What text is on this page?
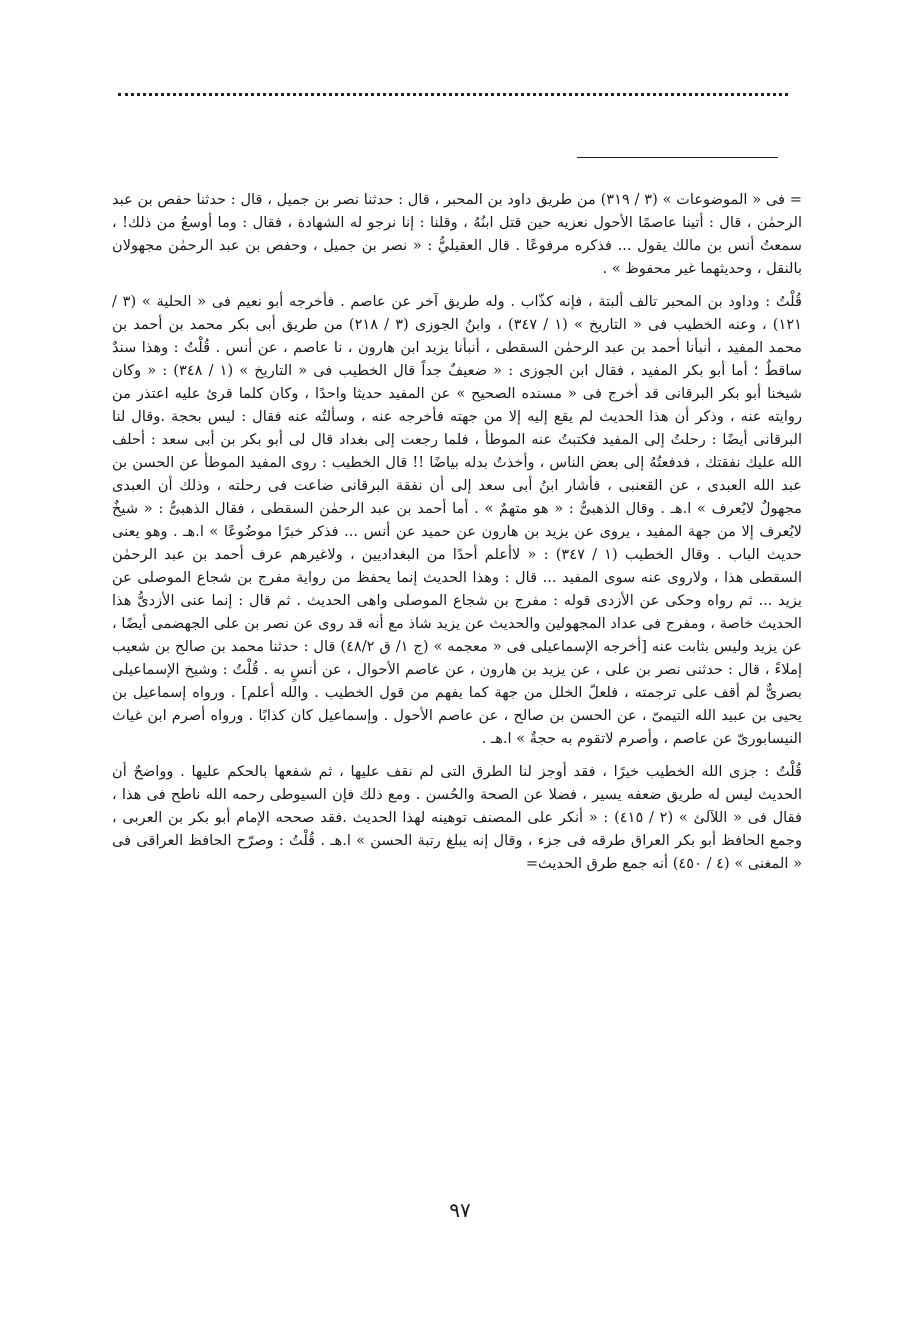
= فى « الموضوعات » (٣ / ٣١٩) من طريق داود بن المحبر ، قال : حدثنا نصر بن جميل ، قال : حدثنا حفص بن عبد الرحمٰن ، قال : أتينا عاصمًا الأحول نعزيه حين قتل ابنُهُ ، وقلنا : إنا نرجو له الشهادة ، فقال : وما أوسعُ من ذلك! ، سمعتُ أنس بن مالك يقول ... فذكره مرفوعًا . قال العقيليُّ : « نصر بن جميل ، وحفص بن عبد الرحمٰن مجهولان بالنقل ، وحديثهما غير محفوظ » .

قُلْتُ : وداود بن المحبر تالف ألبتة ، فإنه كذّاب . وله طريق آخر عن عاصم . فأخرجه أبو نعيم فى « الحلية » (٣ / ١٢١) ، وعنه الخطيب فى « التاريخ » (١ / ٣٤٧) ، وابنُ الجوزى (٣ / ٢١٨) من طريق أبى بكر محمد بن أحمد بن محمد المفيد ، أنبأنا أحمد بن عبد الرحمٰن السقطى ، أنبأنا يزيد ابن هارون ، نا عاصم ، عن أنس . قُلْتُ : وهذا سندٌ ساقطٌ ؛ أما أبو بكر المفيد ، فقال ابن الجوزى : « ضعيفٌ جداً قال الخطيب فى « التاريخ » (١ / ٣٤٨) : « وكان شيخنا أبو بكر البرقانى قد أخرج فى « مسنده الصحيح » عن المفيد حديثا واحدًا ، وكان كلما قرئ عليه اعتذر من روايته عنه ، وذكر أن هذا الحديث لم يقع إليه إلا من جهته فأخرجه عنه ، وسألتُه عنه فقال : ليس بحجة .وقال لنا البرقانى أيضًا : رحلتُ إلى المفيد فكتبتُ عنه الموطأ ، فلما رجعت إلى بغداد قال لى أبو بكر بن أبى سعد : أحلف الله عليك نفقتك ، فدفعتُهُ إلى بعض الناس ، وأخذتُ بدله بياضًا !! قال الخطيب : روى المفيد الموطأ عن الحسن بن عبد الله العبدى ، عن القعنبى ، فأشار ابنُ أبى سعد إلى أن نفقة البرقانى ضاعت فى رحلته ، وذلك أن العبدى مجهولٌ لايُعرف » ا.هـ . وقال الذهبىُّ : « هو متهمٌ » . أما أحمد بن عبد الرحمٰن السقطى ، فقال الذهبىُّ : « شيخٌ لايُعرف إلا من جهة المفيد ، يروى عن يزيد بن هارون عن حميد عن أنس ... فذكر خبرًا موضُوعًا » ا.هـ . وهو يعنى حديث الباب . وقال الخطيب (١ / ٣٤٧) : « لاأعلم أحدًا من البغداديين ، ولاغيرهم عرف أحمد بن عبد الرحمٰن السقطى هذا ، ولاروى عنه سوى المفيد ... قال : وهذا الحديث إنما يحفظ من رواية مفرج بن شجاع الموصلى عن يزيد ... ثم رواه وحكى عن الأزدى قوله : مفرج بن شجاع الموصلى واهى الحديث . ثم قال : إنما عنى الأزدىُّ هذا الحديث خاصة ، ومفرج فى عداد المجهولين والحديث عن يزيد شاذ مع أنه قد روى عن نصر بن على الجهضمى أيضًا ، عن يزيد وليس بثابت عنه [أخرجه الإسماعيلى فى « معجمه » (ج ١/ ق ٤٨/٢) قال : حدثنا محمد بن صالح بن شعيب إملاءً ، قال : حدثنى نصر بن على ، عن يزيد بن هارون ، عن عاصم الأحوال ، عن أنسٍ به . قُلْتُ : وشيخ الإسماعيلى بصرىٌّ لم أقف على ترجمته ، فلعلّ الخلل من جهة كما يفهم من قول الخطيب . والله أعلم] . ورواه إسماعيل بن يحيى بن عبيد الله التيمىّ ، عن الحسن بن صالح ، عن عاصم الأحول . وإسماعيل كان كذابًا . ورواه أصرم ابن غياث النيسابورىّ عن عاصم ، وأصرم لاتقوم به حجةٌ » ا.هـ .

قُلْتُ : جزى الله الخطيب خيرًا ، فقد أوجز لنا الطرق التى لم نقف عليها ، ثم شفعها بالحكم عليها . وواضحٌ أن الحديث ليس له طريق ضعفه يسير ، فضلا عن الصحة والحُسن . ومع ذلك فإن السيوطى رحمه الله ناطح فى هذا ، فقال فى « اللآلئ » (٢ / ٤١٥) : « أنكر على المصنف توهينه لهذا الحديث .فقد صححه الإمام أبو بكر بن العربى ، وجمع الحافظ أبو بكر العراق طرقه فى جزء ، وقال إنه يبلغ رتبة الحسن » ا.هـ . قُلْتُ : وصرّح الحافظ العراقى فى « المغنى » (٤ / ٤٥٠) أنه جمع طرق الحديث=

٩٧
